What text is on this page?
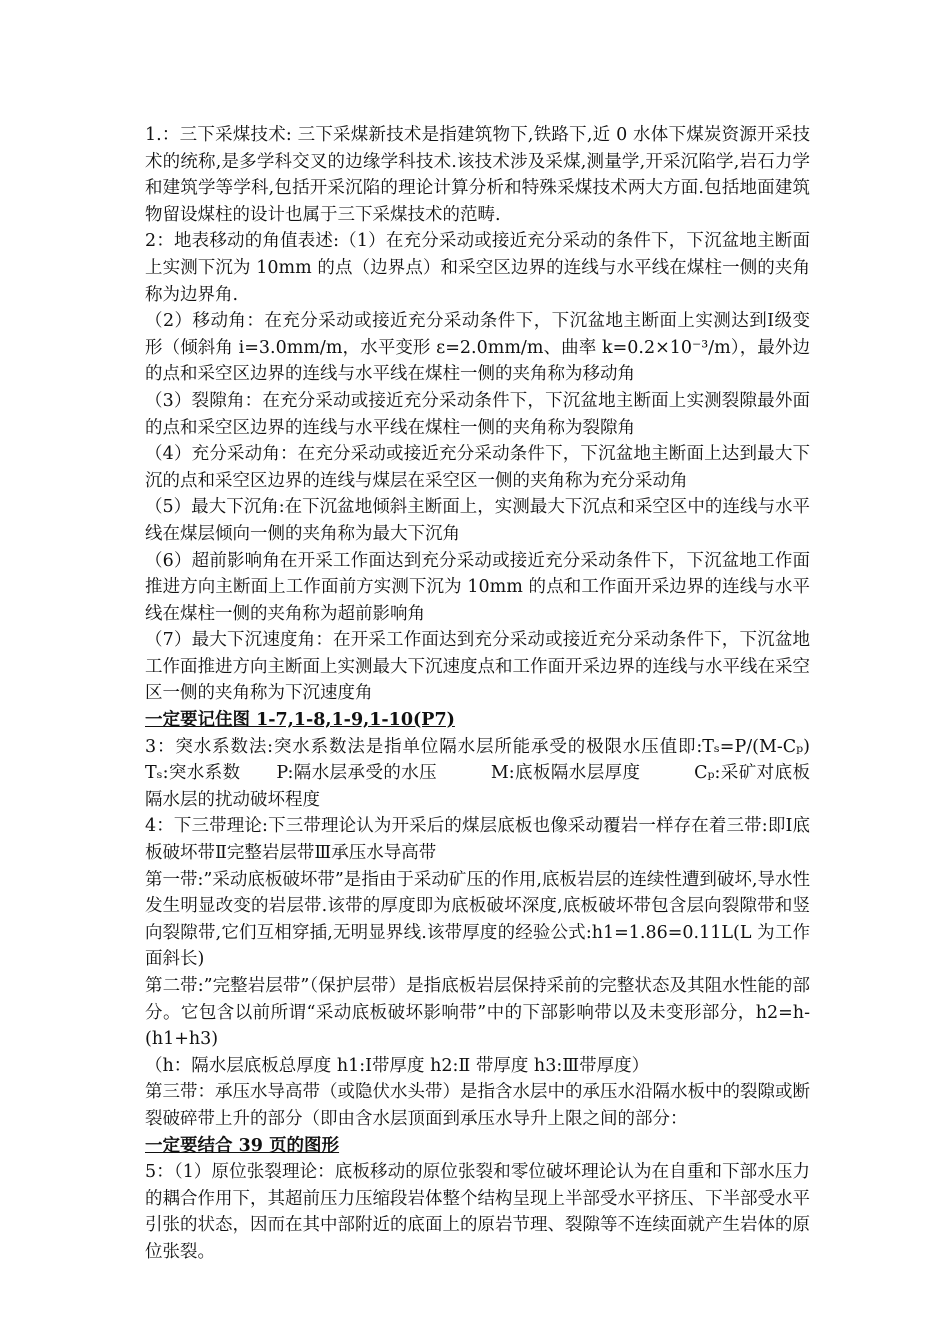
1.：三下采煤技术: 三下采煤新技术是指建筑物下,铁路下,近 0 水体下煤炭资源开采技术的统称,是多学科交叉的边缘学科技术.该技术涉及采煤,测量学,开采沉陷学,岩石力学和建筑学等学科,包括开采沉陷的理论计算分析和特殊采煤技术两大方面.包括地面建筑物留设煤柱的设计也属于三下采煤技术的范畴.

2：地表移动的角值表述:（1）在充分采动或接近充分采动的条件下，下沉盆地主断面上实测下沉为 10mm 的点（边界点）和采空区边界的连线与水平线在煤柱一侧的夹角称为边界角.

（2）移动角：在充分采动或接近充分采动条件下，下沉盆地主断面上实测达到Ⅰ级变形（倾斜角 i=3.0mm/m，水平变形 ε=2.0mm/m、曲率 k=0.2×10⁻³/m），最外边的点和采空区边界的连线与水平线在煤柱一侧的夹角称为移动角

（3）裂隙角：在充分采动或接近充分采动条件下，下沉盆地主断面上实测裂隙最外面的点和采空区边界的连线与水平线在煤柱一侧的夹角称为裂隙角

（4）充分采动角：在充分采动或接近充分采动条件下，下沉盆地主断面上达到最大下沉的点和采空区边界的连线与煤层在采空区一侧的夹角称为充分采动角

（5）最大下沉角:在下沉盆地倾斜主断面上，实测最大下沉点和采空区中的连线与水平线在煤层倾向一侧的夹角称为最大下沉角

（6）超前影响角在开采工作面达到充分采动或接近充分采动条件下，下沉盆地工作面推进方向主断面上工作面前方实测下沉为 10mm 的点和工作面开采边界的连线与水平线在煤柱一侧的夹角称为超前影响角

（7）最大下沉速度角：在开采工作面达到充分采动或接近充分采动条件下，下沉盆地工作面推进方向主断面上实测最大下沉速度点和工作面开采边界的连线与水平线在采空区一侧的夹角称为下沉速度角

一定要记住图 1-7,1-8,1-9,1-10(P7)

3：突水系数法:突水系数法是指单位隔水层所能承受的极限水压值即:Tₛ=P/(M-Cₚ) Tₛ:突水系数　　P:隔水层承受的水压　　　M:底板隔水层厚度　　　Cₚ:采矿对底板隔水层的扰动破坏程度

4：下三带理论:下三带理论认为开采后的煤层底板也像采动覆岩一样存在着三带:即Ⅰ底板破坏带Ⅱ完整岩层带Ⅲ承压水导高带

第一带:”采动底板破坏带”是指由于采动矿压的作用,底板岩层的连续性遭到破坏,导水性发生明显改变的岩层带.该带的厚度即为底板破坏深度,底板破坏带包含层向裂隙带和竖向裂隙带,它们互相穿插,无明显界线.该带厚度的经验公式:h1=1.86=0.11L(L 为工作面斜长)

第二带:”完整岩层带”（保护层带）是指底板岩层保持采前的完整状态及其阻水性能的部分。它包含以前所谓“采动底板破坏影响带”中的下部影响带以及未变形部分，h2=h-(h1+h3)

（h：隔水层底板总厚度 h1:Ⅰ带厚度 h2:Ⅱ 带厚度 h3:Ⅲ带厚度）

第三带：承压水导高带（或隐伏水头带）是指含水层中的承压水沿隔水板中的裂隙或断裂破碎带上升的部分（即由含水层顶面到承压水导升上限之间的部分：

一定要结合 39 页的图形

5：（1）原位张裂理论：底板移动的原位张裂和零位破坏理论认为在自重和下部水压力的耦合作用下，其超前压力压缩段岩体整个结构呈现上半部受水平挤压、下半部受水平引张的状态，因而在其中部附近的底面上的原岩节理、裂隙等不连续面就产生岩体的原位张裂。
